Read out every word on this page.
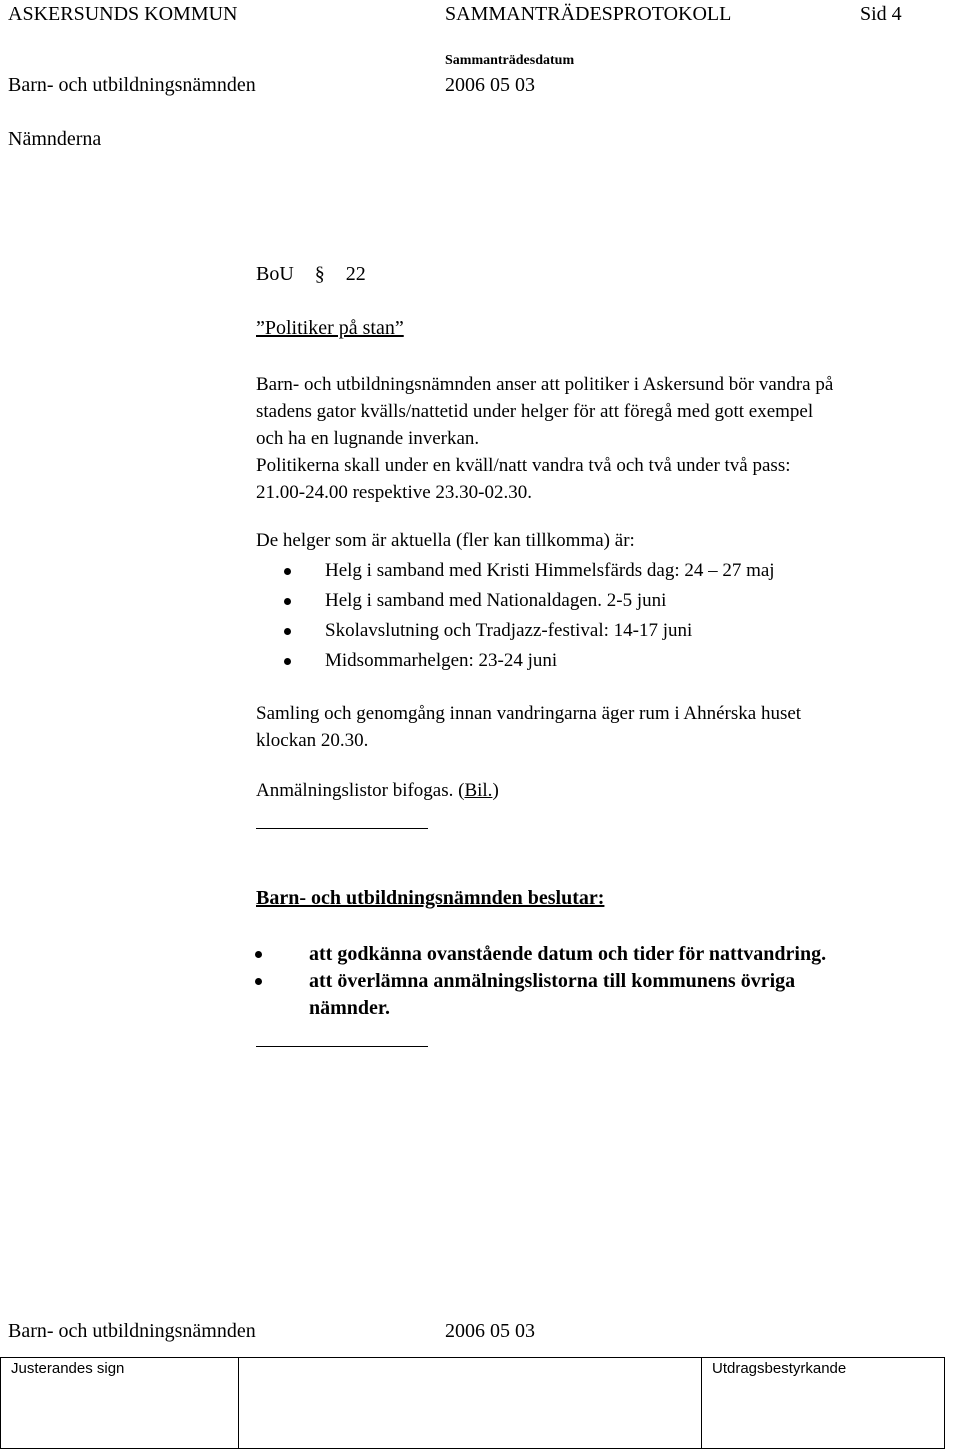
ASKERSUNDS KOMMUN	SAMMANTRÄDESPROTOKOLL	Sid 4
Sammanträdesdatum
Barn- och utbildningsnämnden	2006 05 03
Nämnderna
BoU § 22
”Politiker på stan”
Barn- och utbildningsnämnden anser att politiker i Askersund bör vandra på
stadens gator kvälls/nattetid under helger för att föregå med gott exempel
och ha en lugnande inverkan.
Politikerna skall under en kväll/natt vandra två och två under två pass:
21.00-24.00 respektive 23.30-02.30.
De helger som är aktuella (fler kan tillkomma) är:
Helg i samband med Kristi Himmelsfärds dag: 24 – 27 maj
Helg i samband med Nationaldagen. 2-5 juni
Skolavslutning och Tradjazz-festival: 14-17 juni
Midsommarhelgen: 23-24 juni
Samling och genomgång innan vandringarna äger rum i Ahnérska huset
klockan 20.30.
Anmälningslistor bifogas. (Bil.)
Barn- och utbildningsnämnden beslutar:
att godkänna ovanstående datum och tider för nattvandring.
att överlämna anmälningslistorna till kommunens övriga nämnder.
Barn- och utbildningsnämnden	2006 05 03
Justerandes sign		Utdragsbestyrkande
